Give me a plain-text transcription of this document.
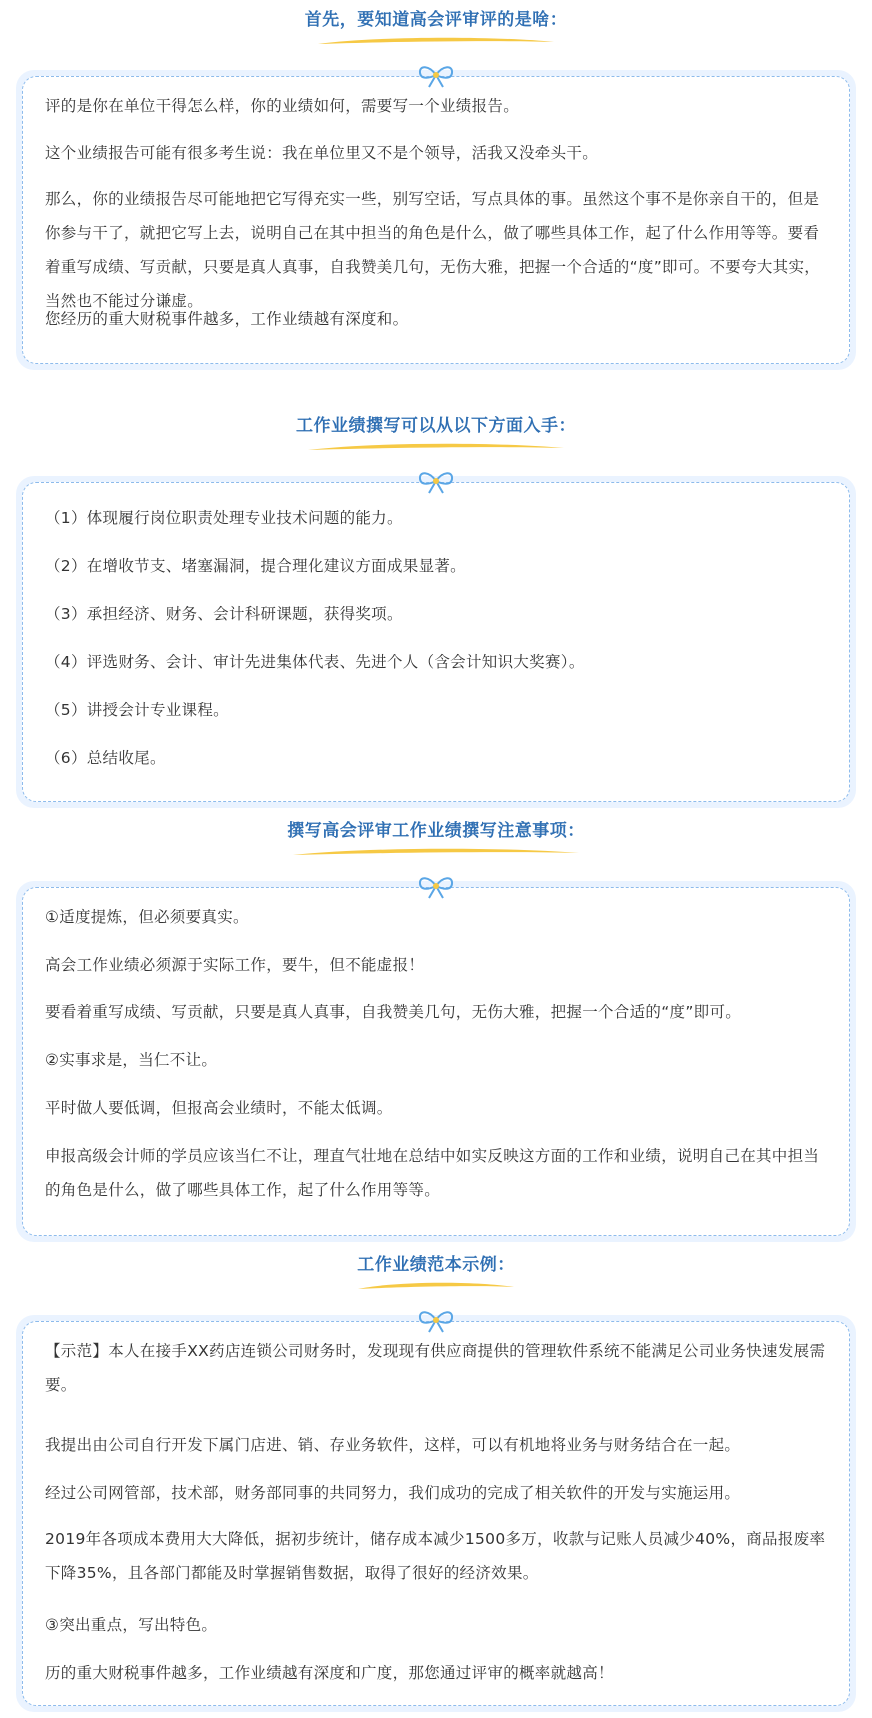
首先，要知道高会评审评的是啥：
评的是你在单位干得怎么样，你的业绩如何，需要写一个业绩报告。
这个业绩报告可能有很多考生说：我在单位里又不是个领导，活我又没牵头干。
那么，你的业绩报告尽可能地把它写得充实一些，别写空话，写点具体的事。虽然这个事不是你亲自干的，但是你参与干了，就把它写上去，说明自己在其中担当的角色是什么，做了哪些具体工作，起了什么作用等等。要看着重写成绩、写贡献，只要是真人真事，自我赞美几句，无伤大雅，把握一个合适的“度”即可。不要夸大其实，当然也不能过分谦虚。
您经历的重大财税事件越多，工作业绩越有深度和。
工作业绩撰写可以从以下方面入手：
（1）体现履行岗位职责处理专业技术问题的能力。
（2）在增收节支、堵塞漏洞，提合理化建议方面成果显著。
（3）承担经济、财务、会计科研课题，获得奖项。
（4）评选财务、会计、审计先进集体代表、先进个人（含会计知识大奖赛）。
（5）讲授会计专业课程。
（6）总结收尾。
撰写高会评审工作业绩撰写注意事项：
①适度提炼，但必须要真实。
高会工作业绩必须源于实际工作，要牛，但不能虚报！
要看着重写成绩、写贡献，只要是真人真事，自我赞美几句，无伤大雅，把握一个合适的“度”即可。
②实事求是，当仁不让。
平时做人要低调，但报高会业绩时，不能太低调。
申报高级会计师的学员应该当仁不让，理直气壮地在总结中如实反映这方面的工作和业绩，说明自己在其中担当的角色是什么，做了哪些具体工作，起了什么作用等等。
工作业绩范本示例：
【示范】本人在接手XX药店连锁公司财务时，发现现有供应商提供的管理软件系统不能满足公司业务快速发展需要。
我提出由公司自行开发下属门店进、销、存业务软件，这样，可以有机地将业务与财务结合在一起。
经过公司网管部，技术部，财务部同事的共同努力，我们成功的完成了相关软件的开发与实施运用。
2019年各项成本费用大大降低，据初步统计，储存成本减少1500多万，收款与记账人员减少40%，商品报废率下降35%，且各部门都能及时掌握销售数据，取得了很好的经济效果。
③突出重点，写出特色。
历的重大财税事件越多，工作业绩越有深度和广度，那您通过评审的概率就越高！
